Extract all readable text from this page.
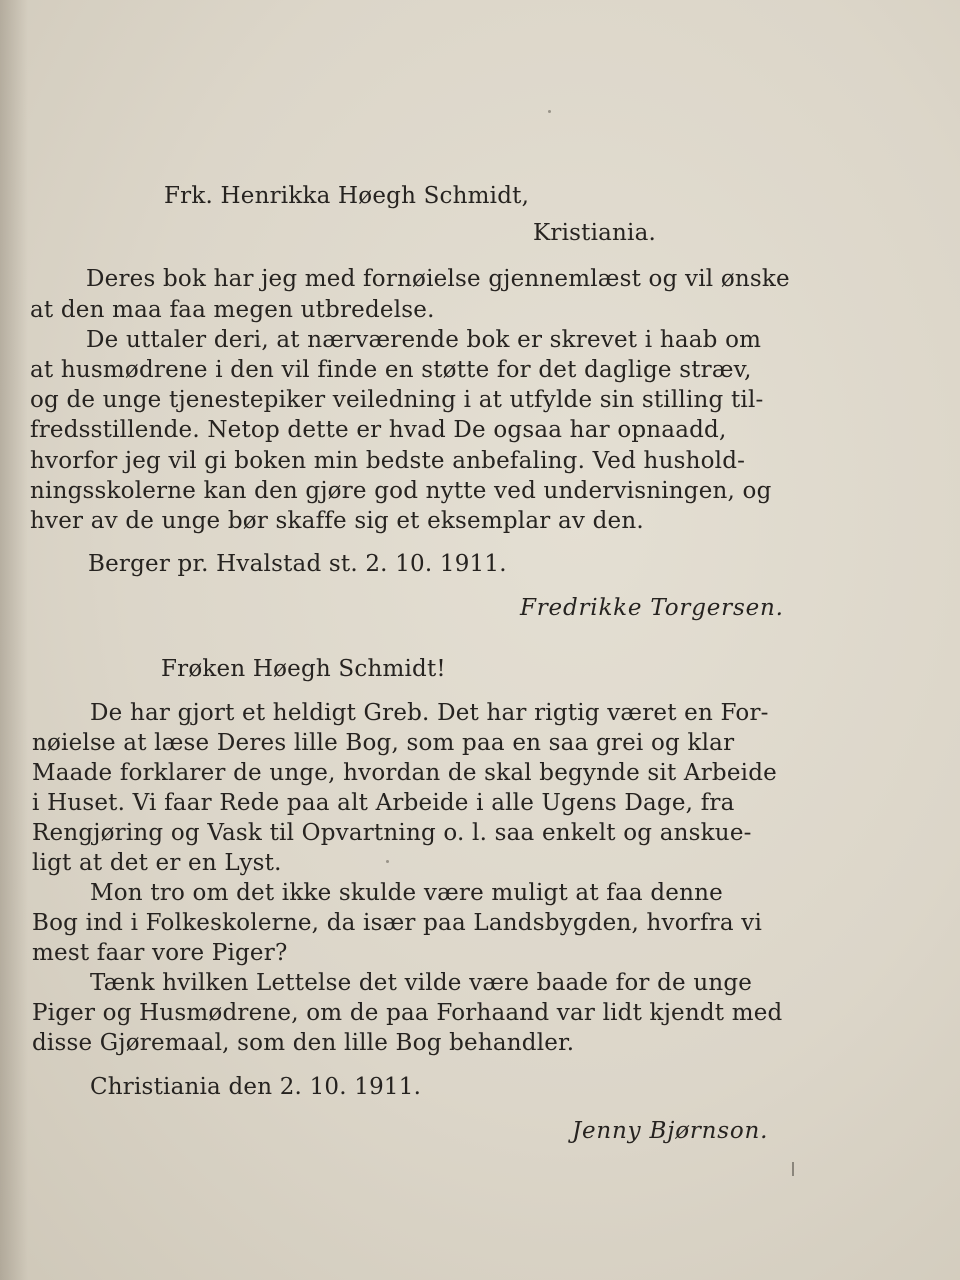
Frk. Henrikka Høegh Schmidt,
Kristiania.
Deres bok har jeg med fornøielse gjennemlæst og vil ønske
at den maa faa megen utbredelse.
De uttaler deri, at nærværende bok er skrevet i haab om
at husmødrene i den vil finde en støtte for det daglige stræv,
og de unge tjenestepiker veiledning i at utfylde sin stilling til-
fredsstillende. Netop dette er hvad De ogsaa har opnaadd,
hvorfor jeg vil gi boken min bedste anbefaling. Ved hushold-
ningsskolerne kan den gjøre god nytte ved undervisningen, og
hver av de unge bør skaffe sig et eksemplar av den.
Berger pr. Hvalstad st. 2. 10. 1911.
Fredrikke Torgersen.
Frøken Høegh Schmidt!
De har gjort et heldigt Greb. Det har rigtig været en For-
nøielse at læse Deres lille Bog, som paa en saa grei og klar
Maade forklarer de unge, hvordan de skal begynde sit Arbeide
i Huset. Vi faar Rede paa alt Arbeide i alle Ugens Dage, fra
Rengjøring og Vask til Opvartning o. l. saa enkelt og anskue-
ligt at det er en Lyst.
Mon tro om det ikke skulde være muligt at faa denne
Bog ind i Folkeskolerne, da især paa Landsbygden, hvorfra vi
mest faar vore Piger?
Tænk hvilken Lettelse det vilde være baade for de unge
Piger og Husmødrene, om de paa Forhaand var lidt kjendt med
disse Gjøremaal, som den lille Bog behandler.
Christiania den 2. 10. 1911.
Jenny Bjørnson.
